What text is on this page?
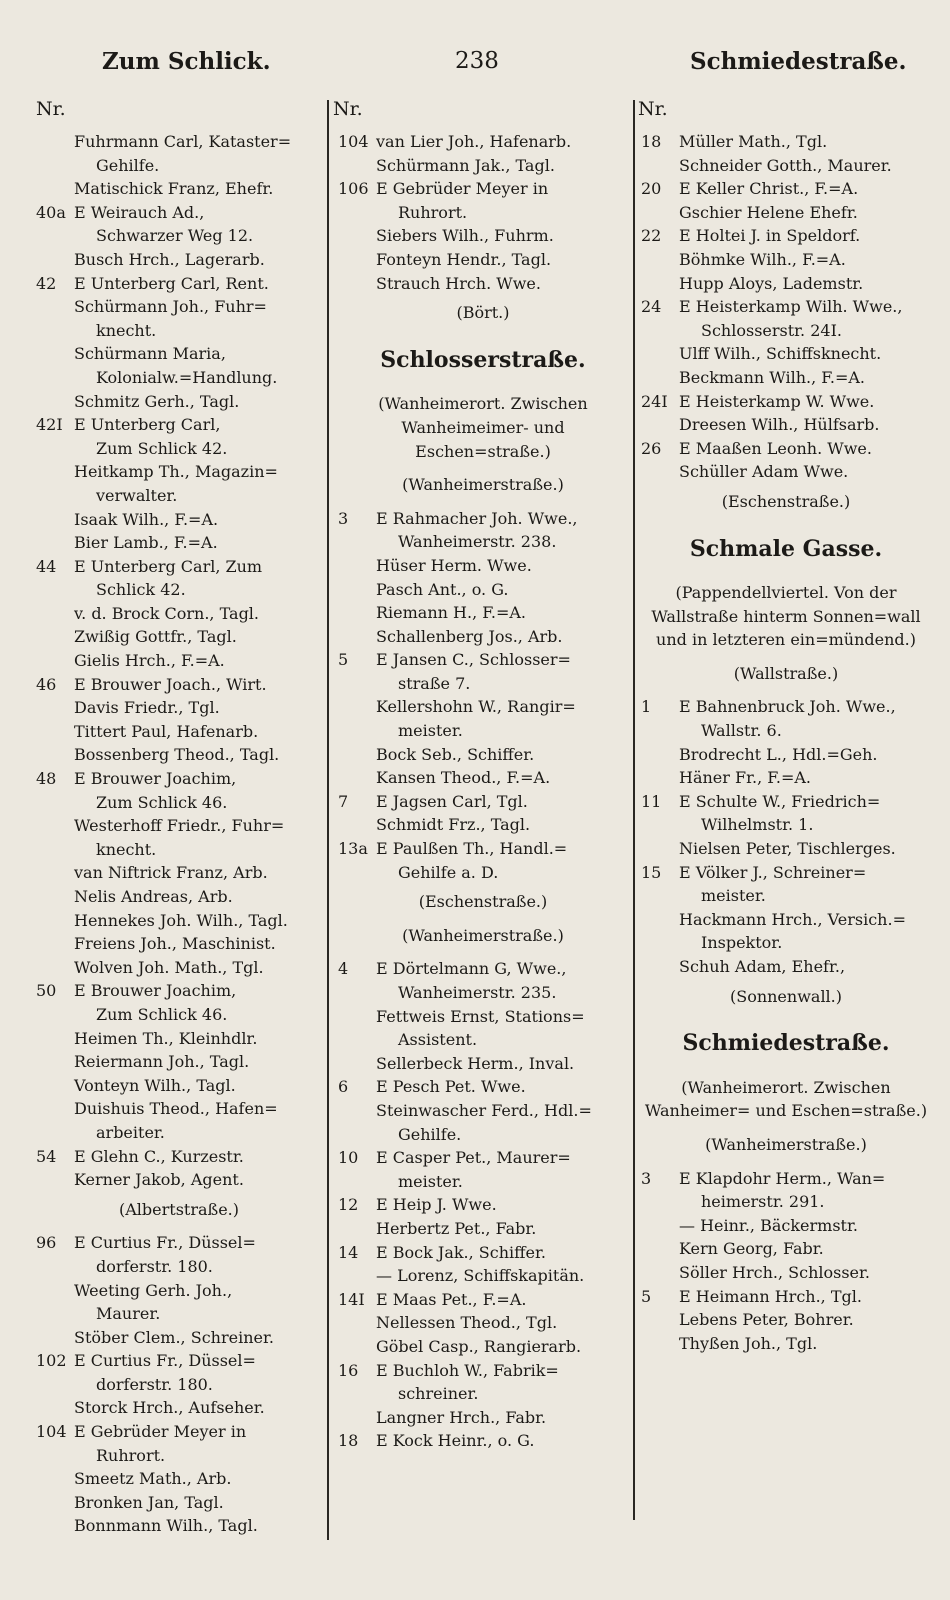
Zum Schlick.	238	Schmiedestraße.
Nr.	Nr.	Nr.
Fuhrmann Carl, Kataster=
Gehilfe.
Matischick Franz, Ehefr.
40a E Weirauch Ad.,
Schwarzer Weg 12.
Busch Hrch., Lagerarb.
42	E Unterberg Carl, Rent.
Schürmann Joh., Fuhr=
knecht.
Schürmann Maria,
Kolonialw.=Handlung.
Schmitz Gerh., Tagl.
42I E Unterberg Carl,
Zum Schlick 42.
Heitkamp Th., Magazin=
verwalter.
Isaak Wilh., F.=A.
Bier Lamb., F.=A.
44	E Unterberg Carl, Zum
Schlick 42.
v. d. Brock Corn., Tagl.
Zwißig Gottfr., Tagl.
Gielis Hrch., F.=A.
46	E Brouwer Joach., Wirt.
Davis Friedr., Tgl.
Tittert Paul, Hafenarb.
Bossenberg Theod., Tagl.
48	E Brouwer Joachim,
Zum Schlick 46.
Westerhoff Friedr., Fuhr=
knecht.
van Niftrick Franz, Arb.
Nelis Andreas, Arb.
Hennekes Joh. Wilh., Tagl.
Freiens Joh., Maschinist.
Wolven Joh. Math., Tgl.
50	E Brouwer Joachim,
Zum Schlick 46.
Heimen Th., Kleinhdlr.
Reiermann Joh., Tagl.
Vonteyn Wilh., Tagl.
Duishuis Theod., Hafen=
arbeiter.
54	E Glehn C., Kurzestr.
Kerner Jakob, Agent.
(Albertstraße.)
96	E Curtius Fr., Düssel=
dorferstr. 180.
Weeting Gerh. Joh.,
Maurer.
Stöber Clem., Schreiner.
102 E Curtius Fr., Düssel=
dorferstr. 180.
Storck Hrch., Aufseher.
104 E Gebrüder Meyer in
Ruhrort.
Smeetz Math., Arb.
Bronken Jan, Tagl.
Bonnmann Wilh., Tagl.
104 van Lier Joh., Hafenarb.
Schürmann Jak., Tagl.
106 E Gebrüder Meyer in
Ruhrort.
Siebers Wilh., Fuhrm.
Fonteyn Hendr., Tagl.
Strauch Hrch. Wwe.
(Bört.)
Schlosserstraße.
(Wanheimerort. Zwischen Wanheimeimer- und Eschen=straße.)
(Wanheimerstraße.)
3	E Rahmacher Joh. Wwe.,
Wanheimerstr. 238.
Hüser Herm. Wwe.
Pasch Ant., o. G.
Riemann H., F.=A.
Schallenberg Jos., Arb.
5	E Jansen C., Schlosser=
straße 7.
Kellershohn W., Rangir=
meister.
Bock Seb., Schiffer.
Kansen Theod., F.=A.
7	E Jagsen Carl, Tgl.
Schmidt Frz., Tagl.
13a E Paulßen Th., Handl.=
Gehilfe a. D.
(Eschenstraße.)
(Wanheimerstraße.)
4	E Dörtelmann G, Wwe.,
Wanheimerstr. 235.
Fettweis Ernst, Stations=
Assistent.
Sellerbeck Herm., Inval.
6	E Pesch Pet. Wwe.
Steinwascher Ferd., Hdl.=
Gehilfe.
10	E Casper Pet., Maurer=
meister.
12	E Heip J. Wwe.
Herbertz Pet., Fabr.
14	E Bock Jak., Schiffer.
— Lorenz, Schiffskapitän.
14I E Maas Pet., F.=A.
Nellessen Theod., Tgl.
Göbel Casp., Rangierarb.
16	E Buchloh W., Fabrik=
schreiner.
Langner Hrch., Fabr.
18	E Kock Heinr., o. G.
18	Müller Math., Tgl.
Schneider Gotth., Maurer.
20	E Keller Christ., F.=A.
Gschier Helene Ehefr.
22	E Holtei J. in Speldorf.
Böhmke Wilh., F.=A.
Hupp Aloys, Lademstr.
24	E Heisterkamp Wilh. Wwe.,
Schlosserstr. 24I.
Ulff Wilh., Schiffsknecht.
Beckmann Wilh., F.=A.
24I E Heisterkamp W. Wwe.
Dreesen Wilh., Hülfsarb.
26	E Maaßen Leonh. Wwe.
Schüller Adam Wwe.
(Eschenstraße.)
Schmale Gasse.
(Pappendellviertel. Von der Wallstraße hinterm Sonnen=wall und in letzteren ein=mündend.)
(Wallstraße.)
1	E Bahnenbruck Joh. Wwe.,
Wallstr. 6.
Brodrecht L., Hdl.=Geh.
Häner Fr., F.=A.
11	E Schulte W., Friedrich=
Wilhelmstr. 1.
Nielsen Peter, Tischlerges.
15	E Völker J., Schreiner=
meister.
Hackmann Hrch., Versich.=
Inspektor.
Schuh Adam, Ehefr.,
(Sonnenwall.)
Schmiedestraße.
(Wanheimerort. Zwischen Wanheimer= und Eschen=straße.)
(Wanheimerstraße.)
3	E Klapdohr Herm., Wan=
heimerstr. 291.
— Heinr., Bäckermstr.
Kern Georg, Fabr.
Söller Hrch., Schlosser.
5	E Heimann Hrch., Tgl.
Lebens Peter, Bohrer.
Thyßen Joh., Tgl.
